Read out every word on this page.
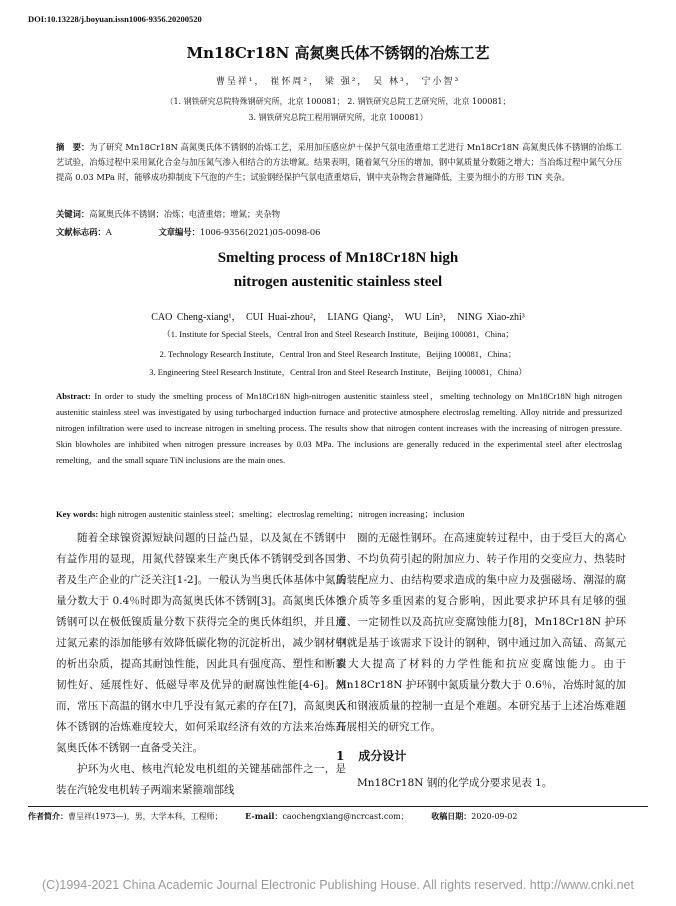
DOI:10.13228/j.boyuan.issn1006-9356.20200520
Mn18Cr18N 高氮奥氏体不锈钢的冶炼工艺
曹呈祥¹， 崔怀周²， 梁 强²， 吴 林³， 宁小智³
（1. 钢铁研究总院特殊钢研究所，北京 100081； 2. 钢铁研究总院工艺研究所，北京 100081；
3. 钢铁研究总院工程用钢研究所，北京 100081）
摘　要：为了研究 Mn18Cr18N 高氮奥氏体不锈钢的冶炼工艺，采用加压感应炉＋保护气氛电渣重熔工艺进行 Mn18Cr18N 高氮奥氏体不锈钢的冶炼工艺试验，冶炼过程中采用氮化合金与加压氮气渗入相结合的方法增氮。结果表明，随着氮气分压的增加，钢中氮质量分数随之增大；当冶炼过程中氮气分压提高 0.03 MPa 时，能够成功抑制皮下气泡的产生；试验钢经保护气氛电渣重熔后，钢中夹杂物会普遍降低，主要为细小的方形 TiN 夹杂。
关键词：高氮奥氏体不锈钢；冶炼；电渣重熔；增氮；夹杂物
文献标志码：A	文章编号：1006-9356(2021)05-0098-06
Smelting process of Mn18Cr18N high
nitrogen austenitic stainless steel
CAO Cheng-xiang¹， CUI Huai-zhou²， LIANG Qiang²， WU Lin³， NING Xiao-zhi³
（1. Institute for Special Steels，Central Iron and Steel Research Institute，Beijing 100081，China；
2. Technology Research Institute，Central Iron and Steel Research Institute，Beijing 100081，China；
3. Engineering Steel Research Institute，Central Iron and Steel Research Institute，Beijing 100081，China）
Abstract: In order to study the smelting process of Mn18Cr18N high-nitrogen austenitic stainless steel，smelting technology on Mn18Cr18N high nitrogen austenitic stainless steel was investigated by using turbocharged induction furnace and protective atmosphere electroslag remelting. Alloy nitride and pressurized nitrogen infiltration were used to increase nitrogen in smelting process. The results show that nitrogen content increases with the increasing of nitrogen pressure. Skin blowholes are inhibited when nitrogen pressure increases by 0.03 MPa. The inclusions are generally reduced in the experimental steel after electroslag remelting，and the small square TiN inclusions are the main ones.
Key words: high nitrogen austenitic stainless steel；smelting；electroslag remelting；nitrogen increasing；inclusion

随着全球镍资源短缺问题的日益凸显，以及氮在不锈钢中有益作用的显现，用氮代替镍来生产奥氏体不锈钢受到各国学者及生产企业的广泛关注[1-2]。一般认为当奥氏体基体中氮质量分数大于 0.4％时即为高氮奥氏体不锈钢[3]。高氮奥氏体不锈钢可以在极低镍质量分数下获得完全的奥氏体组织，并且通过氮元素的添加能够有效降低碳化物的沉淀析出，减少钢材中的析出杂质，提高其耐蚀性能，因此具有强度高、塑性和断裂韧性好、延展性好、低磁导率及优异的耐腐蚀性能[4-6]。然而，常压下高温的钢水中几乎没有氮元素的存在[7]，高氮奥氏体不锈钢的冶炼难度较大，如何采取经济有效的方法来冶炼高氮奥氏体不锈钢一直备受关注。

护环为火电、核电汽轮发电机组的关键基础部件之一，是装在汽轮发电机转子两端来紧箍端部线

圈的无磁性钢环。在高速旋转过程中，由于受巨大的离心力、不均负荷引起的附加应力、转子作用的交变应力、热装时的装配应力、由结构要求造成的集中应力及强磁场、潮湿的腐蚀介质等多重因素的复合影响，因此要求护环具有足够的强度、一定韧性以及高抗应变腐蚀能力[8]，Mn18Cr18N 护环钢就是基于该需求下设计的钢种，钢中通过加入高锰、高氮元素大大提高了材料的力学性能和抗应变腐蚀能力。由于 Mn18Cr18N 护环钢中氮质量分数大于 0.6％，冶炼时氮的加入和钢液质量的控制一直是个难题。本研究基于上述冶炼难题开展相关的研究工作。

1 成分设计

Mn18Cr18N 钢的化学成分要求见表 1。

作者简介：曹呈祥(1973—)，男，大学本科，工程师；	E-mail：caochengxiang@ncrcast.com；	收稿日期：2020-09-02
(C)1994-2021 China Academic Journal Electronic Publishing House. All rights reserved. http://www.cnki.net
